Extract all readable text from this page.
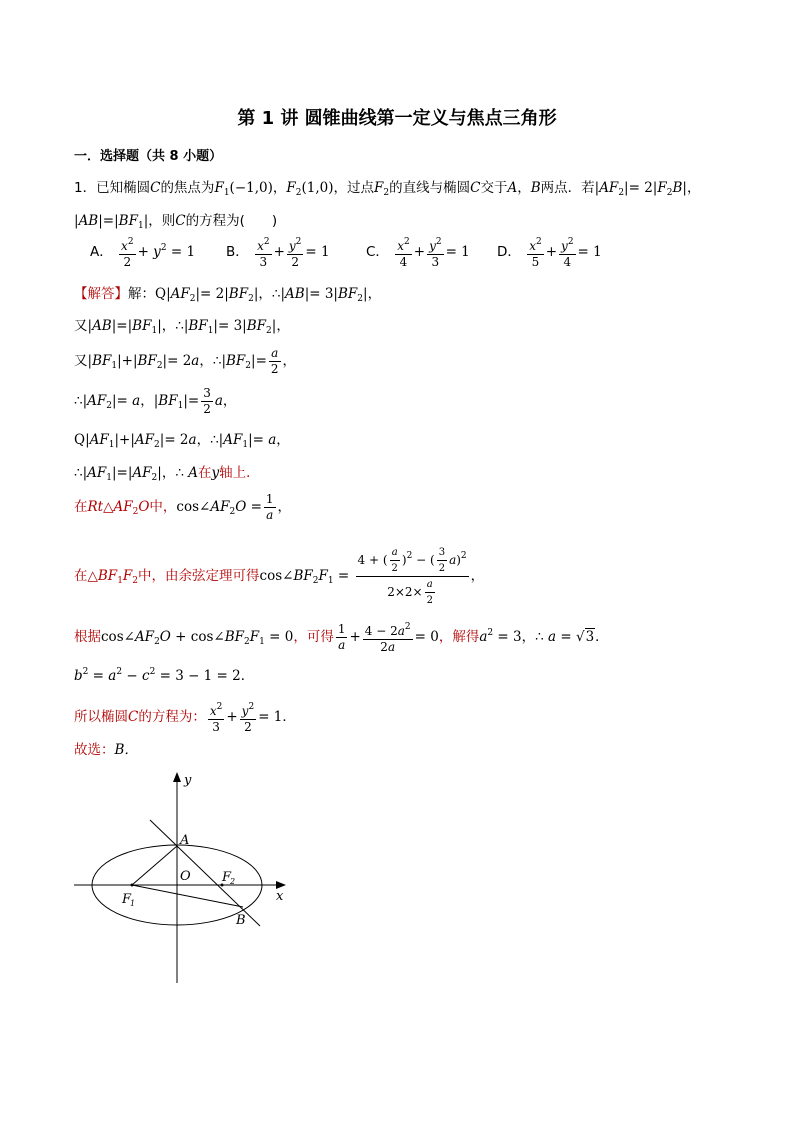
第 1 讲 圆锥曲线第一定义与焦点三角形
一．选择题（共 8 小题）
1．已知椭圆C的焦点为$F_1(-1,0)$，$F_2(1,0)$，过点$F_2$的直线与椭圆C交于A，B两点．若$|AF_2|= 2|F_2B|$，
$|AB|=|BF_1|$，则C的方程为(　　)
A． $\frac{x^2}{2} + y^2 = 1$ B． $\frac{x^2}{3} + \frac{y^2}{2} = 1$	C． $\frac{x^2}{4} + \frac{y^2}{3} = 1$ D． $\frac{x^2}{5} + \frac{y^2}{4} = 1$
【解答】解：$Q|AF_2|= 2|BF_2|$，∴|AB|= $3|BF_2|$，
又$|AB|=|BF_1|$，$\therefore|BF_1|= 3|BF_2|$，
又$|BF_1|+|BF_2|= 2a$，$\therefore|BF_2|= \frac{a}{2}$ ，
$\therefore|AF_2|= a$，$|BF_1|= \frac{3}{2}$ a，
$Q|AF_1|+|AF_2|= 2a$，$\therefore|AF_1|= a$，
$\therefore|AF_1|=|AF_2|$，∴ A在y轴上．
在$Rt\triangle AF_2O$中，$\cos\angle AF_2O = \frac{1}{a}$ ，
在$\triangle BF_1F_2$中，由余弦定理可得$\cos\angle BF_2F_1 = \frac{4 + ( \frac{a}{2} )^2 - ( \frac{3}{2} a)^2}{2\times 2\times \frac{a}{2}}$ ，
根据$\cos\angle AF_2O$ + $\cos\angle BF_2F_1 = 0$，可得 $\frac{1}{a} + \frac{4 - 2a^2}{2a} = 0$，解得$a^2 = 3$，∴ a = √3．
$b^2 = a^2 - c^2 = 3 - 1 = 2$．
所以椭圆C的方程为： $\frac{x^2}{3} + \frac{y^2}{2} = 1$．
故选：B．
y
x
A
O F
2
F
1
B
